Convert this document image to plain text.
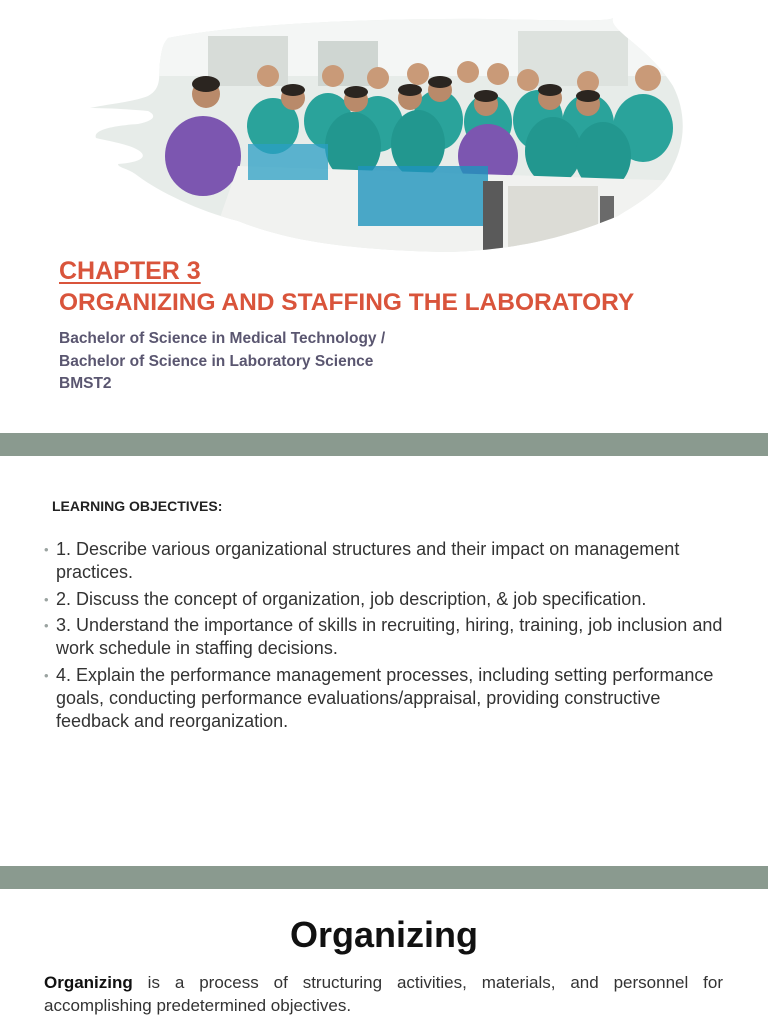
CHAPTER 3
ORGANIZING AND STAFFING THE LABORATORY
Bachelor of Science in Medical Technology /
Bachelor of Science in Laboratory Science
BMST2
LEARNING OBJECTIVES:
• 1. Describe various organizational structures and their impact on management practices.
• 2. Discuss the concept of organization, job description, & job specification.
• 3. Understand the importance of skills in recruiting, hiring, training, job inclusion and work schedule in staffing decisions.
• 4. Explain the performance management processes, including setting performance goals, conducting performance evaluations/appraisal, providing constructive feedback and reorganization.
Organizing
Organizing is a process of structuring activities, materials, and personnel for accomplishing predetermined objectives.
